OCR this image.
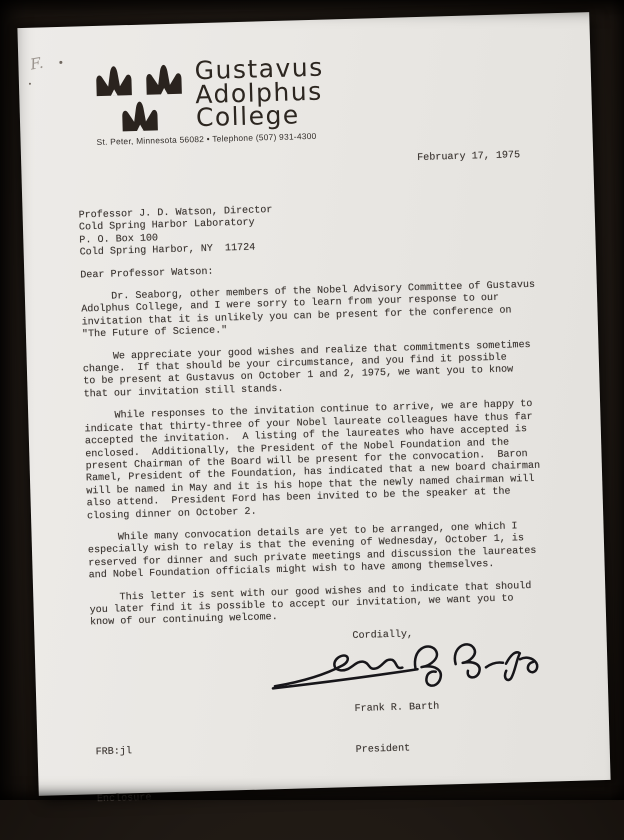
F.	Gustavus
Adolphus
College
St. Peter, Minnesota 56082 • Telephone (507) 931-4300
February 17, 1975
Professor J. D. Watson, Director
Cold Spring Harbor Laboratory
P. O. Box 100
Cold Spring Harbor, NY  11724
Dear Professor Watson:
Dr. Seaborg, other members of the Nobel Advisory Committee of Gustavus
Adolphus College, and I were sorry to learn from your response to our
invitation that it is unlikely you can be present for the conference on
"The Future of Science."
We appreciate your good wishes and realize that commitments sometimes
change.  If that should be your circumstance, and you find it possible
to be present at Gustavus on October 1 and 2, 1975, we want you to know
that our invitation still stands.
While responses to the invitation continue to arrive, we are happy to
indicate that thirty-three of your Nobel laureate colleagues have thus far
accepted the invitation.  A listing of the laureates who have accepted is
enclosed.  Additionally, the President of the Nobel Foundation and the
present Chairman of the Board will be present for the convocation.  Baron
Ramel, President of the Foundation, has indicated that a new board chairman
will be named in May and it is his hope that the newly named chairman will
also attend.  President Ford has been invited to be the speaker at the
closing dinner on October 2.
While many convocation details are yet to be arranged, one which I
especially wish to relay is that the evening of Wednesday, October 1, is
reserved for dinner and such private meetings and discussion the laureates
and Nobel Foundation officials might wish to have among themselves.
This letter is sent with our good wishes and to indicate that should
you later find it is possible to accept our invitation, we want you to
know of our continuing welcome.
Cordially,

Frank R. Barth

President

FRB:jl

Enclosure
